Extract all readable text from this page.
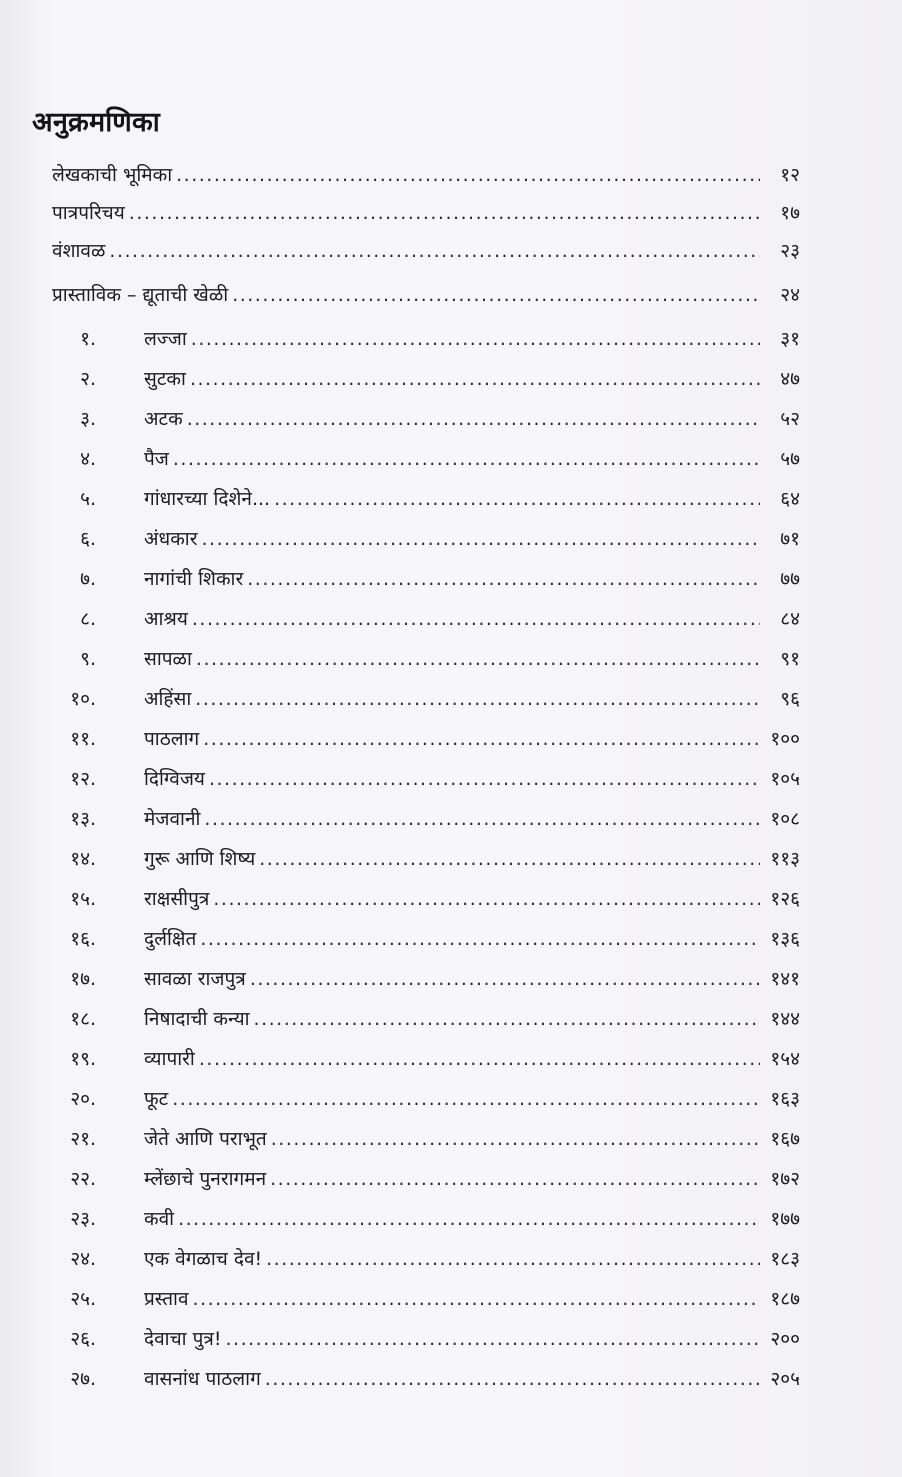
अनुक्रमणिका
लेखकाची भूमिका .....	१२
पात्रपरिचय .....	१७
वंशावळ .....	२३
प्रास्ताविक – द्यूताची खेळी .....	२४
१.	लज्जा .....	३१
२.	सुटका .....	४७
३.	अटक .....	५२
४.	पैज .....	५७
५.	गांधारच्या दिशेने... .....	६४
६.	अंधकार .....	७१
७.	नागांची शिकार .....	७७
८.	आश्रय .....	८४
९.	सापळा .....	९१
१०.	अहिंसा .....	९६
११.	पाठलाग .....	१००
१२.	दिग्विजय .....	१०५
१३.	मेजवानी .....	१०८
१४.	गुरू आणि शिष्य .....	११३
१५.	राक्षसीपुत्र .....	१२६
१६.	दुर्लक्षित .....	१३६
१७.	सावळा राजपुत्र .....	१४१
१८.	निषादाची कन्या .....	१४४
१९.	व्यापारी .....	१५४
२०.	फूट .....	१६३
२१.	जेते आणि पराभूत .....	१६७
२२.	म्लेंछाचे पुनरागमन .....	१७२
२३.	कवी .....	१७७
२४.	एक वेगळाच देव! .....	१८३
२५.	प्रस्ताव .....	१८७
२६.	देवाचा पुत्र! .....	२००
२७.	वासनांध पाठलाग .....	२०५
